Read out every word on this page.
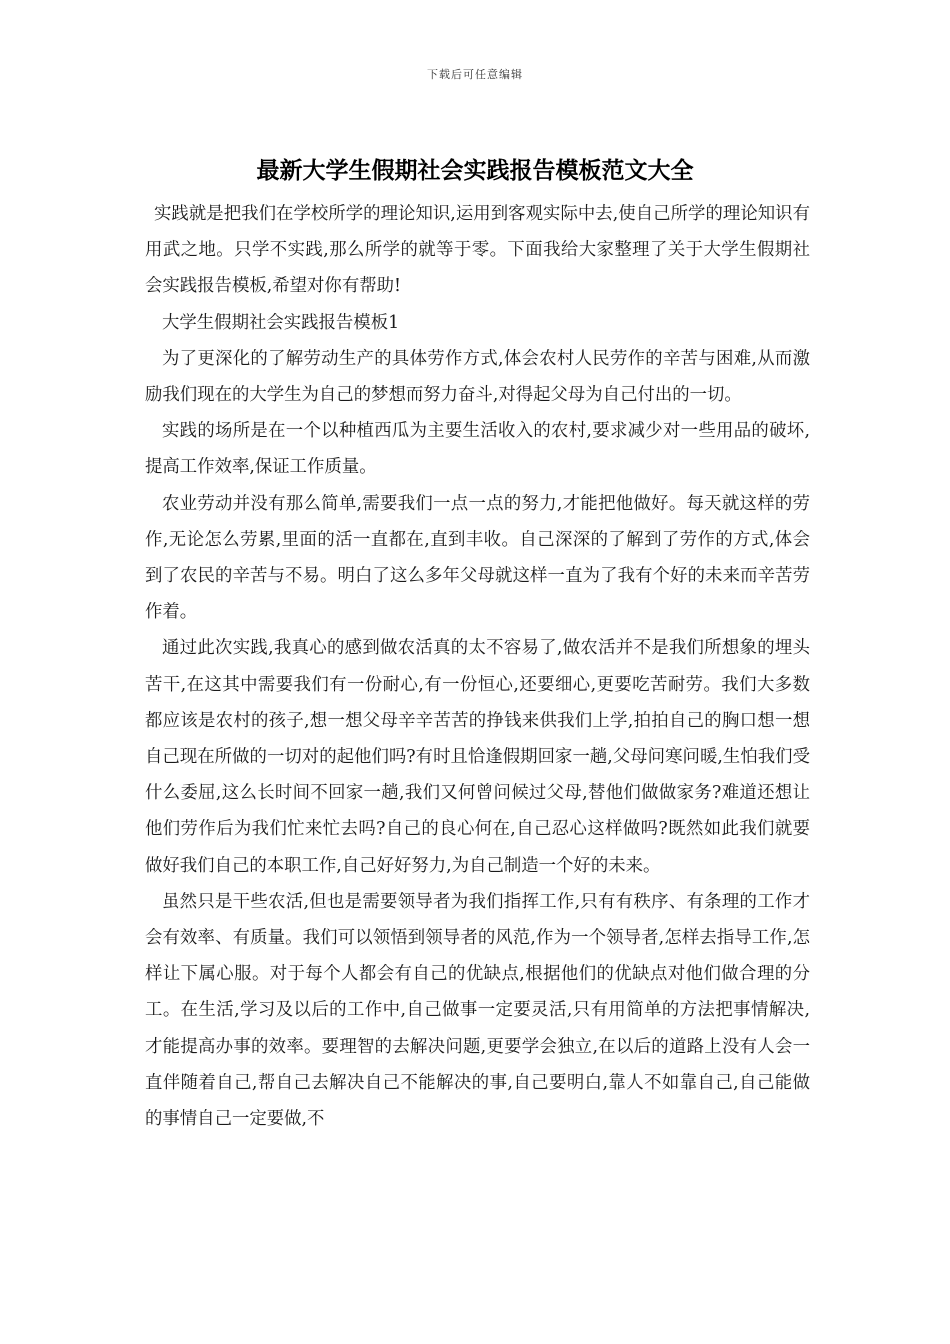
下载后可任意编辑
最新大学生假期社会实践报告模板范文大全

实践就是把我们在学校所学的理论知识,运用到客观实际中去,使自己所学的理论知识有用武之地。只学不实践,那么所学的就等于零。下面我给大家整理了关于大学生假期社会实践报告模板,希望对你有帮助!

大学生假期社会实践报告模板1

为了更深化的了解劳动生产的具体劳作方式,体会农村人民劳作的辛苦与困难,从而激励我们现在的大学生为自己的梦想而努力奋斗,对得起父母为自己付出的一切。

实践的场所是在一个以种植西瓜为主要生活收入的农村,要求减少对一些用品的破坏,提高工作效率,保证工作质量。

农业劳动并没有那么简单,需要我们一点一点的努力,才能把他做好。每天就这样的劳作,无论怎么劳累,里面的活一直都在,直到丰收。自己深深的了解到了劳作的方式,体会到了农民的辛苦与不易。明白了这么多年父母就这样一直为了我有个好的未来而辛苦劳作着。

通过此次实践,我真心的感到做农活真的太不容易了,做农活并不是我们所想象的埋头苦干,在这其中需要我们有一份耐心,有一份恒心,还要细心,更要吃苦耐劳。我们大多数都应该是农村的孩子,想一想父母辛辛苦苦的挣钱来供我们上学,拍拍自己的胸口想一想自己现在所做的一切对的起他们吗?有时且恰逢假期回家一趟,父母问寒问暖,生怕我们受什么委屈,这么长时间不回家一趟,我们又何曾问候过父母,替他们做做家务?难道还想让他们劳作后为我们忙来忙去吗?自己的良心何在,自己忍心这样做吗?既然如此我们就要做好我们自己的本职工作,自己好好努力,为自己制造一个好的未来。

虽然只是干些农活,但也是需要领导者为我们指挥工作,只有有秩序、有条理的工作才会有效率、有质量。我们可以领悟到领导者的风范,作为一个领导者,怎样去指导工作,怎样让下属心服。对于每个人都会有自己的优缺点,根据他们的优缺点对他们做合理的分工。在生活,学习及以后的工作中,自己做事一定要灵活,只有用简单的方法把事情解决,才能提高办事的效率。要理智的去解决问题,更要学会独立,在以后的道路上没有人会一直伴随着自己,帮自己去解决自己不能解决的事,自己要明白,靠人不如靠自己,自己能做的事情自己一定要做,不
